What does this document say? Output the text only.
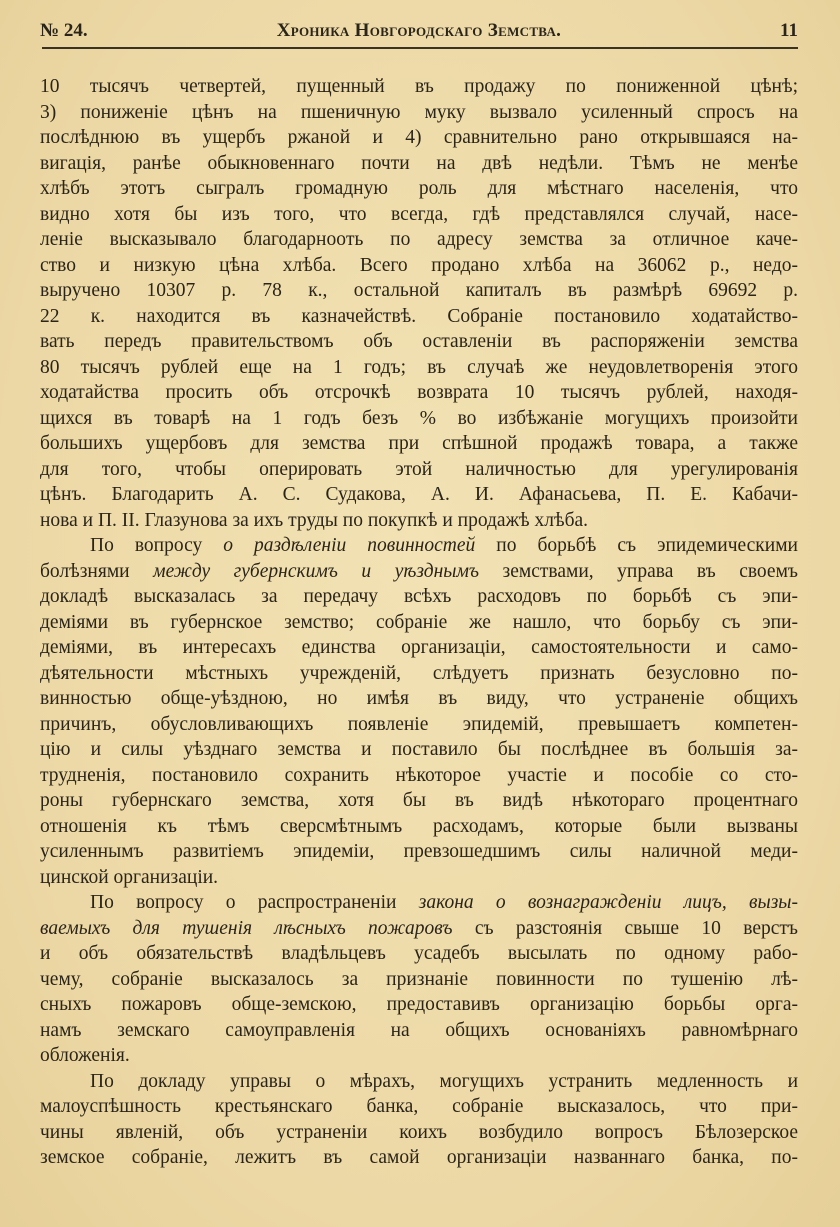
№ 24.	Хроника Новгородскаго Земства.	11
10 тысячъ четвертей, пущенный въ продажу по пониженной цѣнѣ;
3) пониженіе цѣнъ на пшеничную муку вызвало усиленный спросъ на
послѣднюю въ ущербъ ржаной и 4) сравнительно рано открывшаяся на-
вигація, ранѣе обыкновеннаго почти на двѣ недѣли. Тѣмъ не менѣе
хлѣбъ этотъ сыгралъ громадную роль для мѣстнаго населенія, что
видно хотя бы изъ того, что всегда, гдѣ представлялся случай, насе-
леніе высказывало благодарноoть по адресу земства за отличное каче-
ство и низкую цѣна хлѣба. Всего продано хлѣба на 36062 р., недо-
выручено 10307 р. 78 к., остальной капиталъ въ размѣрѣ 69692 р.
22 к. находится въ казначействѣ. Собраніе постановило ходатайство-
вать передъ правительствомъ объ оставленіи въ распоряженіи земства
80 тысячъ рублей еще на 1 годъ; въ случаѣ же неудовлетворенія этого
ходатайства просить объ отсрочкѣ возврата 10 тысячъ рублей, находя-
щихся въ товарѣ на 1 годъ безъ % во избѣжаніе могущихъ произойти
большихъ ущербовъ для земства при спѣшной продажѣ товара, а также
для того, чтобы оперировать этой наличностью для урегулированія
цѣнъ. Благодарить А. С. Судакова, А. И. Афанасьева, П. Е. Кабачи-
нова и П. II. Глазунова за ихъ труды по покупкѣ и продажѣ хлѣба.
По вопросу о раздѣленіи повинностей по борьбѣ съ эпидемическими
болѣзнями между губернскимъ и уѣзднымъ земствами, управа въ своемъ
докладѣ высказалась за передачу всѣхъ расходовъ по борьбѣ съ эпи-
деміями въ губернское земство; собраніе же нашло, что борьбу съ эпи-
деміями, въ интересахъ единства организаціи, самостоятельности и само-
дѣятельности мѣстныхъ учрежденій, слѣдуетъ признать безусловно по-
винностью обще-уѣздною, но имѣя въ виду, что устраненіе общихъ
причинъ, обусловливающихъ появленіе эпидемій, превышаетъ компетен-
цію и силы уѣзднаго земства и поставило бы послѣднее въ большія за-
трудненія, постановило сохранить нѣкоторое участіе и пособіе со сто-
роны губернскаго земства, хотя бы въ видѣ нѣкотораго процентнаго
отношенія къ тѣмъ сверсмѣтнымъ расходамъ, которые были вызваны
усиленнымъ развитіемъ эпидеміи, превзошедшимъ силы наличной меди-
цинской организаціи.
По вопросу о распространеніи закона о вознагражденіи лицъ, вызы-
ваемыхъ для тушенія лѣсныхъ пожаровъ съ разстоянія свыше 10 верстъ
и объ обязательствѣ владѣльцевъ усадебъ высылать по одному рабо-
чему, собраніе высказалось за признаніе повинности по тушенію лѣ-
сныхъ пожаровъ обще-земскою, предоставивъ организацію борьбы орга-
намъ земскаго самоуправленія на общихъ основаніяхъ равномѣрнаго
обложенія.
По докладу управы о мѣрахъ, могущихъ устранить медленность и
малоуспѣшность крестьянскаго банка, собраніе высказалось, что при-
чины явленій, объ устраненіи коихъ возбудило вопросъ Бѣлозерское
земское собраніе, лежитъ въ самой организаціи названнаго банка, по-
